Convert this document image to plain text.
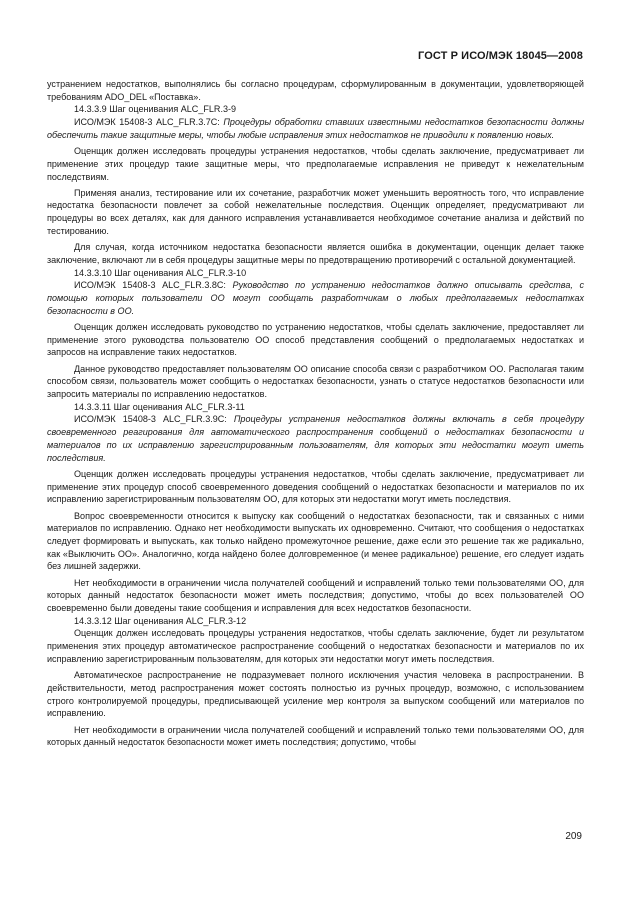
ГОСТ Р ИСО/МЭК 18045—2008

устранением недостатков, выполнялись бы согласно процедурам, сформулированным в документации, удовлетворяющей требованиям ADO_DEL «Поставка».

14.3.3.9 Шаг оценивания ALC_FLR.3-9

ИСО/МЭК 15408-3 ALC_FLR.3.7С: Процедуры обработки ставших известными недостатков безопасности должны обеспечить такие защитные меры, чтобы любые исправления этих недостатков не приводили к появлению новых.

Оценщик должен исследовать процедуры устранения недостатков, чтобы сделать заключение, предусматривает ли применение этих процедур такие защитные меры, что предполагаемые исправления не приведут к нежелательным последствиям.

Применяя анализ, тестирование или их сочетание, разработчик может уменьшить вероятность того, что исправление недостатка безопасности повлечет за собой нежелательные последствия. Оценщик определяет, предусматривают ли процедуры во всех деталях, как для данного исправления устанавливается необходимое сочетание анализа и действий по тестированию.

Для случая, когда источником недостатка безопасности является ошибка в документации, оценщик делает также заключение, включают ли в себя процедуры защитные меры по предотвращению противоречий с остальной документацией.

14.3.3.10 Шаг оценивания ALC_FLR.3-10

ИСО/МЭК 15408-3 ALC_FLR.3.8С: Руководство по устранению недостатков должно описывать средства, с помощью которых пользователи ОО могут сообщать разработчикам о любых предполагаемых недостатках безопасности в ОО.

Оценщик должен исследовать руководство по устранению недостатков, чтобы сделать заключение, предоставляет ли применение этого руководства пользователю ОО способ представления сообщений о предполагаемых недостатках и запросов на исправление таких недостатков.

Данное руководство предоставляет пользователям ОО описание способа связи с разработчиком ОО. Располагая таким способом связи, пользователь может сообщить о недостатках безопасности, узнать о статусе недостатков безопасности или запросить материалы по исправлению недостатков.

14.3.3.11 Шаг оценивания ALC_FLR.3-11

ИСО/МЭК 15408-3 ALC_FLR.3.9С: Процедуры устранения недостатков должны включать в себя процедуру своевременного реагирования для автоматического распространения сообщений о недостатках безопасности и материалов по их исправлению зарегистрированным пользователям, для которых эти недостатки могут иметь последствия.

Оценщик должен исследовать процедуры устранения недостатков, чтобы сделать заключение, предусматривает ли применение этих процедур способ своевременного доведения сообщений о недостатках безопасности и материалов по их исправлению зарегистрированным пользователям ОО, для которых эти недостатки могут иметь последствия.

Вопрос своевременности относится к выпуску как сообщений о недостатках безопасности, так и связанных с ними материалов по исправлению. Однако нет необходимости выпускать их одновременно. Считают, что сообщения о недостатках следует формировать и выпускать, как только найдено промежуточное решение, даже если это решение так же радикально, как «Выключить ОО». Аналогично, когда найдено более долговременное (и менее радикальное) решение, его следует издать без лишней задержки.

Нет необходимости в ограничении числа получателей сообщений и исправлений только теми пользователями ОО, для которых данный недостаток безопасности может иметь последствия; допустимо, чтобы до всех пользователей ОО своевременно были доведены такие сообщения и исправления для всех недостатков безопасности.

14.3.3.12 Шаг оценивания ALC_FLR.3-12

Оценщик должен исследовать процедуры устранения недостатков, чтобы сделать заключение, будет ли результатом применения этих процедур автоматическое распространение сообщений о недостатках безопасности и материалов по их исправлению зарегистрированным пользователям, для которых эти недостатки могут иметь последствия.

Автоматическое распространение не подразумевает полного исключения участия человека в распространении. В действительности, метод распространения может состоять полностью из ручных процедур, возможно, с использованием строго контролируемой процедуры, предписывающей усиление мер контроля за выпуском сообщений или материалов по исправлению.

Нет необходимости в ограничении числа получателей сообщений и исправлений только теми пользователями ОО, для которых данный недостаток безопасности может иметь последствия; допустимо, чтобы

209
